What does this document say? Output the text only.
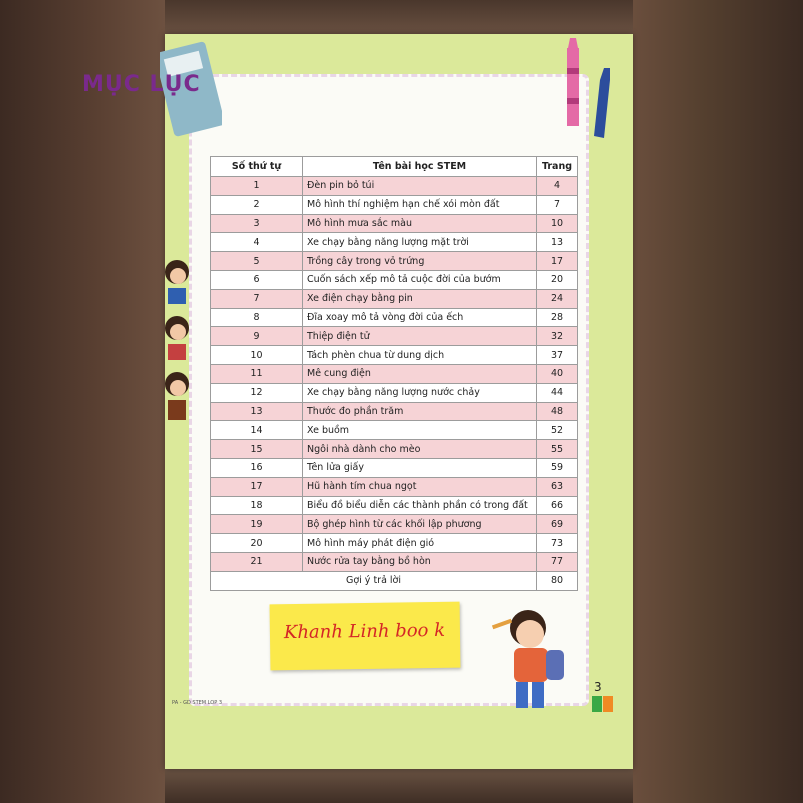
MỤC LỤC
Số thứ tự	Tên bài học STEM	Trang
1	Đèn pin bỏ túi	4
2	Mô hình thí nghiệm hạn chế xói mòn đất	7
3	Mô hình mưa sắc màu	10
4	Xe chạy bằng năng lượng mặt trời	13
5	Trồng cây trong vỏ trứng	17
6	Cuốn sách xếp mô tả cuộc đời của bướm	20
7	Xe điện chạy bằng pin	24
8	Đĩa xoay mô tả vòng đời của ếch	28
9	Thiệp điện tử	32
10	Tách phèn chua từ dung dịch	37
11	Mê cung điện	40
12	Xe chạy bằng năng lượng nước chảy	44
13	Thước đo phần trăm	48
14	Xe buồm	52
15	Ngôi nhà dành cho mèo	55
16	Tên lửa giấy	59
17	Hũ hành tím chua ngọt	63
18	Biểu đồ biểu diễn các thành phần có trong đất	66
19	Bộ ghép hình từ các khối lập phương	69
20	Mô hình máy phát điện gió	73
21	Nước rửa tay bằng bồ hòn	77
Gợi ý trả lời		80
Khanh Linh boo k
3
PA - GD STEM LOP 3
